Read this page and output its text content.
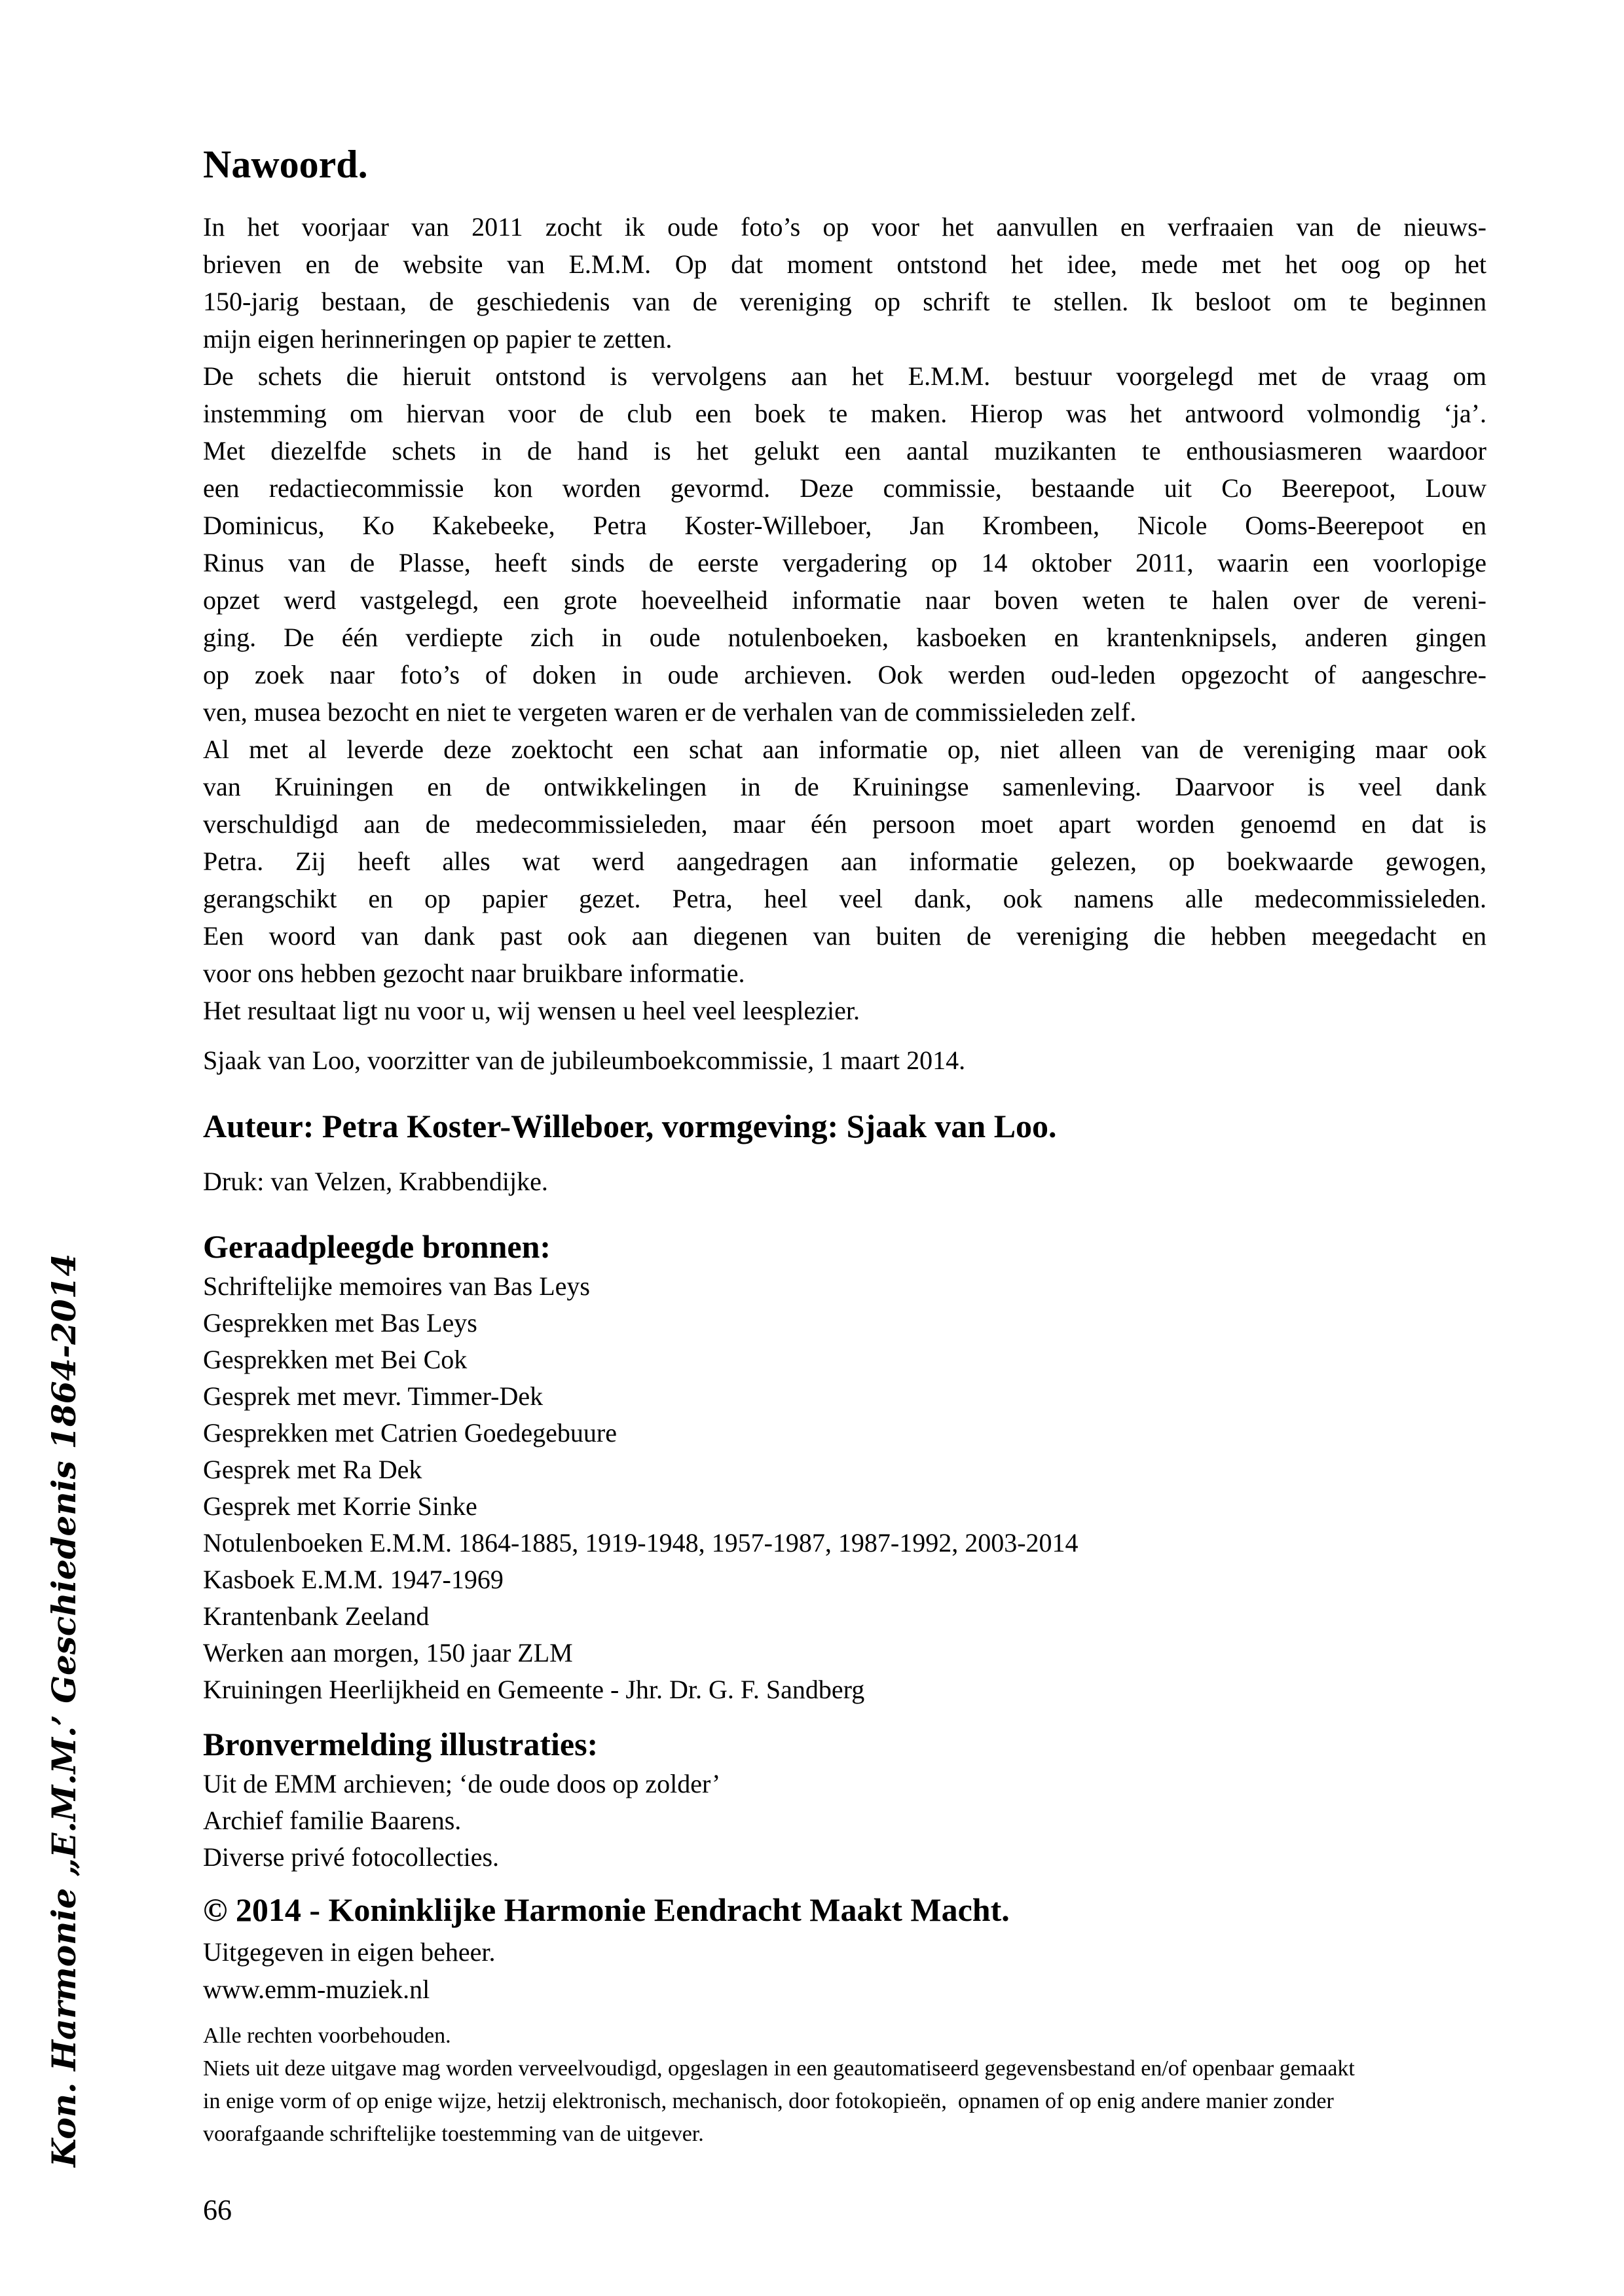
Kon. Harmonie „E.M.M.’ Geschiedenis 1864-2014
Nawoord.
In het voorjaar van 2011 zocht ik oude foto’s op voor het aanvullen en verfraaien van de nieuws-
brieven en de website van E.M.M. Op dat moment ontstond het idee, mede met het oog op het
150-jarig bestaan, de geschiedenis van de vereniging op schrift te stellen. Ik besloot om te beginnen
mijn eigen herinneringen op papier te zetten.
De schets die hieruit ontstond is vervolgens aan het E.M.M. bestuur voorgelegd met de vraag om
instemming om hiervan voor de club een boek te maken. Hierop was het antwoord volmondig ‘ja’.
Met diezelfde schets in de hand is het gelukt een aantal muzikanten te enthousiasmeren waardoor
een redactiecommissie kon worden gevormd. Deze commissie, bestaande uit Co Beerepoot, Louw
Dominicus, Ko Kakebeeke, Petra Koster-Willeboer, Jan Krombeen, Nicole Ooms-Beerepoot en
Rinus van de Plasse, heeft sinds de eerste vergadering op 14 oktober 2011, waarin een voorlopige
opzet werd vastgelegd, een grote hoeveelheid informatie naar boven weten te halen over de vereni-
ging. De één verdiepte zich in oude notulenboeken, kasboeken en krantenknipsels, anderen gingen
op zoek naar foto’s of doken in oude archieven. Ook werden oud-leden opgezocht of aangeschre-
ven, musea bezocht en niet te vergeten waren er de verhalen van de commissieleden zelf.
Al met al leverde deze zoektocht een schat aan informatie op, niet alleen van de vereniging maar ook
van Kruiningen en de ontwikkelingen in de Kruiningse samenleving. Daarvoor is veel dank
verschuldigd aan de medecommissieleden, maar één persoon moet apart worden genoemd en dat is
Petra. Zij heeft alles wat werd aangedragen aan informatie gelezen, op boekwaarde gewogen,
gerangschikt en op papier gezet. Petra, heel veel dank, ook namens alle medecommissieleden.
Een woord van dank past ook aan diegenen van buiten de vereniging die hebben meegedacht en
voor ons hebben gezocht naar bruikbare informatie.
Het resultaat ligt nu voor u, wij wensen u heel veel leesplezier.
Sjaak van Loo, voorzitter van de jubileumboekcommissie, 1 maart 2014.
Auteur: Petra Koster-Willeboer, vormgeving: Sjaak van Loo.
Druk: van Velzen, Krabbendijke.
Geraadpleegde bronnen:
Schriftelijke memoires van Bas Leys
Gesprekken met Bas Leys
Gesprekken met Bei Cok
Gesprek met mevr. Timmer-Dek
Gesprekken met Catrien Goedegebuure
Gesprek met Ra Dek
Gesprek met Korrie Sinke
Notulenboeken E.M.M. 1864-1885, 1919-1948, 1957-1987, 1987-1992, 2003-2014
Kasboek E.M.M. 1947-1969
Krantenbank Zeeland
Werken aan morgen, 150 jaar ZLM
Kruiningen Heerlijkheid en Gemeente - Jhr. Dr. G. F. Sandberg
Bronvermelding illustraties:
Uit de EMM archieven; ‘de oude doos op zolder’
Archief familie Baarens.
Diverse privé fotocollecties.
© 2014 - Koninklijke Harmonie Eendracht Maakt Macht.
Uitgegeven in eigen beheer.
www.emm-muziek.nl
Alle rechten voorbehouden.
Niets uit deze uitgave mag worden verveelvoudigd, opgeslagen in een geautomatiseerd gegevensbestand en/of openbaar gemaakt
in enige vorm of op enige wijze, hetzij elektronisch, mechanisch, door fotokopieën,  opnamen of op enig andere manier zonder
voorafgaande schriftelijke toestemming van de uitgever.
66
